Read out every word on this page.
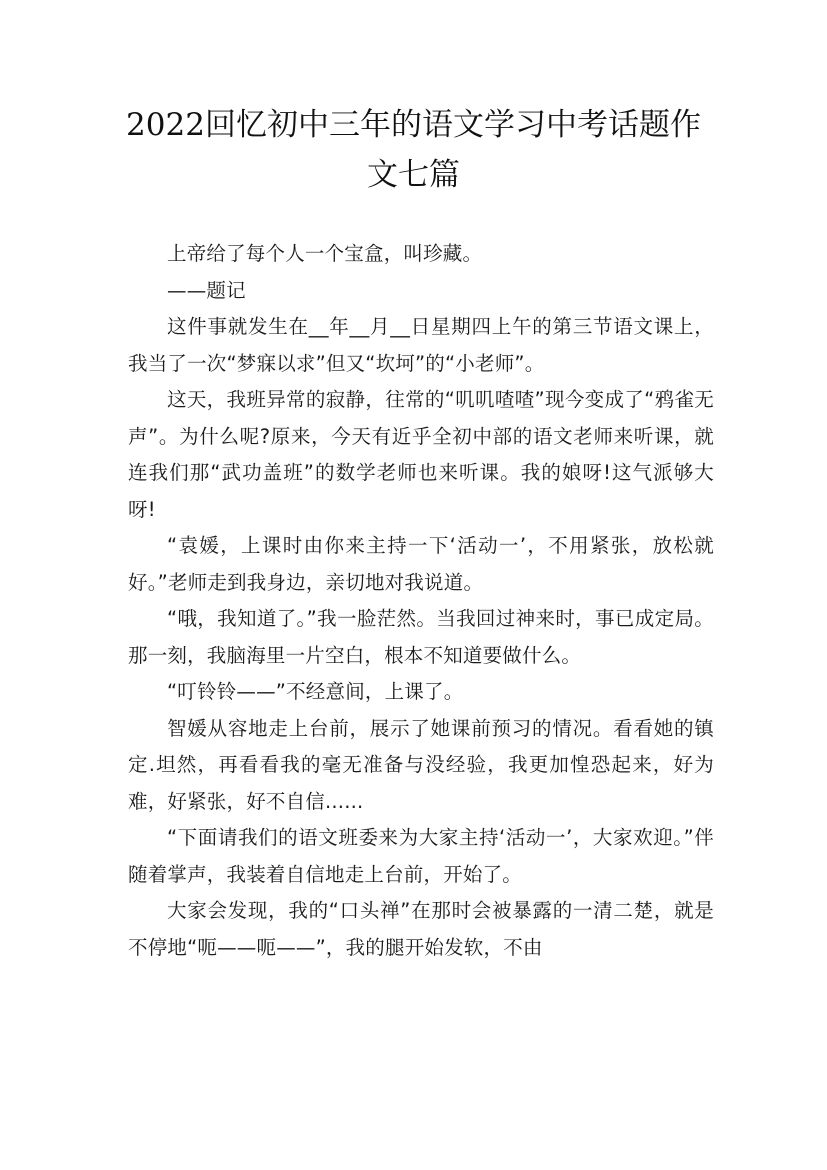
2022回忆初中三年的语文学习中考话题作
文七篇

上帝给了每个人一个宝盒，叫珍藏。

——题记

这件事就发生在__年__月__日星期四上午的第三节语文课上，我当了一次“梦寐以求”但又“坎坷”的“小老师”。

这天，我班异常的寂静，往常的“叽叽喳喳”现今变成了“鸦雀无声”。为什么呢?原来，今天有近乎全初中部的语文老师来听课，就连我们那“武功盖班”的数学老师也来听课。我的娘呀!这气派够大呀!

“袁媛，上课时由你来主持一下‘活动一’，不用紧张，放松就好。”老师走到我身边，亲切地对我说道。

“哦，我知道了。”我一脸茫然。当我回过神来时，事已成定局。那一刻，我脑海里一片空白，根本不知道要做什么。

“叮铃铃——”不经意间，上课了。

智媛从容地走上台前，展示了她课前预习的情况。看看她的镇定.坦然，再看看我的毫无准备与没经验，我更加惶恐起来，好为难，好紧张，好不自信......

“下面请我们的语文班委来为大家主持‘活动一’，大家欢迎。”伴随着掌声，我装着自信地走上台前，开始了。

大家会发现，我的“口头禅”在那时会被暴露的一清二楚，就是不停地“呃——呃——”，我的腿开始发软，不由
